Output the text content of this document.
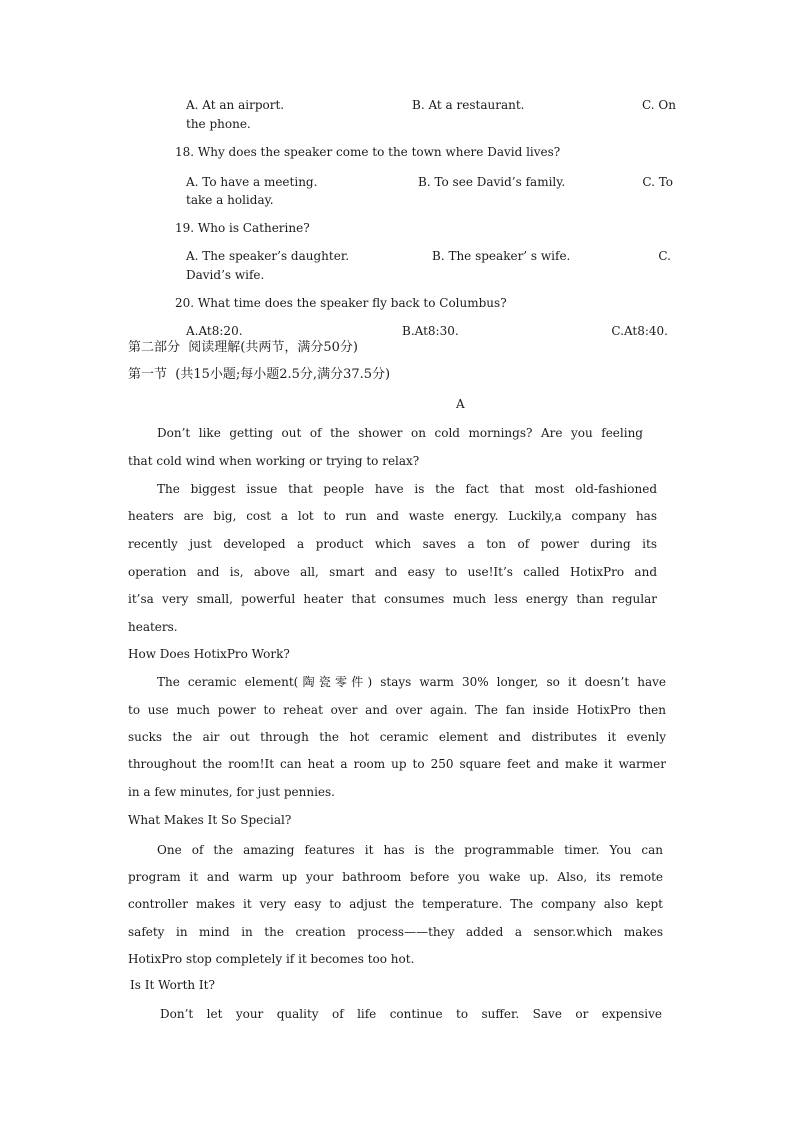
A. At an airport.	B. At a restaurant.	C. On

the phone.

18. Why does the speaker come to the town where David lives?

A. To have a meeting.	B. To see David’s family.	C. To

take a holiday.

19. Who is Catherine?

A. The speaker’s daughter.	B. The speaker’ s wife.	C.

David’s wife.

20. What time does the speaker fly back to Columbus?

A.At8:20.	B.At8:30.	C.At8:40.

第二部分  阅读理解(共两节，满分50分)

第一节  (共15小题;每小题2.5分,满分37.5分)

A

Don’t like getting out of the shower on cold mornings? Are you feeling

that cold wind when working or trying to relax?

The biggest issue that people have is the fact that most old-fashioned

heaters are big, cost a lot to run and waste energy. Luckily,a company has

recently just developed a product which saves a ton of power during its

operation and is, above all, smart and easy to use!It’s called HotixPro and

it’sa very small, powerful heater that consumes much less energy than regular

heaters.

How Does HotixPro Work?

The ceramic element(陶瓷零件) stays warm 30% longer, so it doesn’t have

to use much power to reheat over and over again. The fan inside HotixPro then

sucks the air out through the hot ceramic element and distributes it evenly

throughout the room!It can heat a room up to 250 square feet and make it warmer

in a few minutes, for just pennies.

What Makes It So Special?

One of the amazing features it has is the programmable timer. You can

program it and warm up your bathroom before you wake up. Also, its remote

controller makes it very easy to adjust the temperature. The company also kept

safety in mind in the creation process——they added a sensor.which makes

HotixPro stop completely if it becomes too hot.

Is It Worth It?

Don’t let your quality of life continue to suffer. Save or expensive
